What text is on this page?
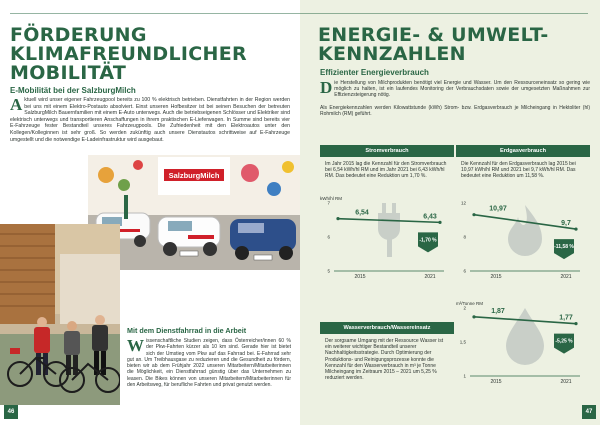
FÖRDERUNG
KLIMAFREUNDLICHER
MOBILITÄT
E-Mobilität bei der SalzburgMilch
Aktuell wird unser eigener Fahrzeugpool bereits zu 100 % elektrisch betrieben. Dienstfahrten in der Region werden bei uns mit einem Elektro-Postauto absolviert. Einst unseren Hofbesitzer ist bei seinen Besuchen der betreuten SalzburgMilch Bauernfamilien mit einem E-Auto unterwegs. Auch die betriebseigenen Schlösser und Elektriker sind elektrisch unterwegs und transportieren Anschaffungen in ihrem praktischen E-Lieferwagen. In Summe sind bereits vier E-Fahrzeuge fester Bestandteil unseres Fahrzeugpools. Die Zufriedenheit mit den Elektroautos unter den Kollegen/Kolleginnen ist sehr groß. So werden zukünftig auch unsere Dienstautos schrittweise auf E-Fahrzeuge umgestellt und die notwendige E-Ladeinfrastruktur wird ausgebaut.
SalzburgMilch
Mit dem Dienstfahrrad in die Arbeit
Wissenschaftliche Studien zeigen, dass Österreicher/innen 60 % der Pkw-Fahrten kürzer als 10 km sind. Gerade hier ist bietet sich der Umstieg vom Pkw auf das Fahrrad bei. E-Fahrrad sehr gut an. Um Treibhausgase zu reduzieren und die Gesundheit zu fördern, bieten wir ab dem Frühjahr 2022 unseren Mitarbeitern/Mitarbeiterinnen die Möglichkeit, ein Dienstfahrrad günstig über das Unternehmen zu leasen. Die Bikes können von unseren Mitarbeitern/Mitarbeiterinnen für den Arbeitsweg, für berufliche Fahrten und privat genutzt werden.
46
ENERGIE- & UMWELT-
KENNZAHLEN
Effizienter Energieverbrauch
Die Herstellung von Milchprodukten benötigt viel Energie und Wasser. Um den Ressourceneinsatz so gering wie möglich zu halten, ist ein laufendes Monitoring der Verbrauchsdaten sowie der umgesetzten Maßnahmen zur Effizienzsteigerung nötig.
Als Energiekennzahlen werden Kilowattstunde (kWh) Strom- bzw. Erdgasverbrauch je Milcheingang in Hektoliter (hl) Rohmilch (RM) geführt.
Stromverbrauch
Im Jahr 2015 lag die Kennzahl für den Stromverbrauch bei 6,54 kWh/hl RM und im Jahr 2021 bei 6,43 kWh/hl RM. Das bedeutet eine Reduktion um 1,70 %.
Erdgasverbrauch
Die Kennzahl für den Erdgasverbrauch lag 2015 bei 10,97 kWh/hl RM und 2021 bei 9,7 kWh/hl RM. Das bedeutet eine Reduktion um 11,58 %.
kWh/hl RM
7
6
5
6,54
6,43
2015	2021
-1,70 %
12
8
6
10,97
9,7
2015	2021
-11,58 %
m³/Tonne RM
2
1,5
1
1,87
1,77
2015	2021
-5,25 %
Wasserverbrauch/Wassereinsatz
Der sorgsame Umgang mit der Ressource Wasser ist ein weiterer wichtiger Bestandteil unserer Nachhaltigkeitsstrategie. Durch Optimierung der Produktions- und Reinigungsprozesse konnte die Kennzahl für den Wasserverbrauch in m³ je Tonne Milcheingang im Zeitraum 2015 – 2021 um 5,25 % reduziert werden.
47
